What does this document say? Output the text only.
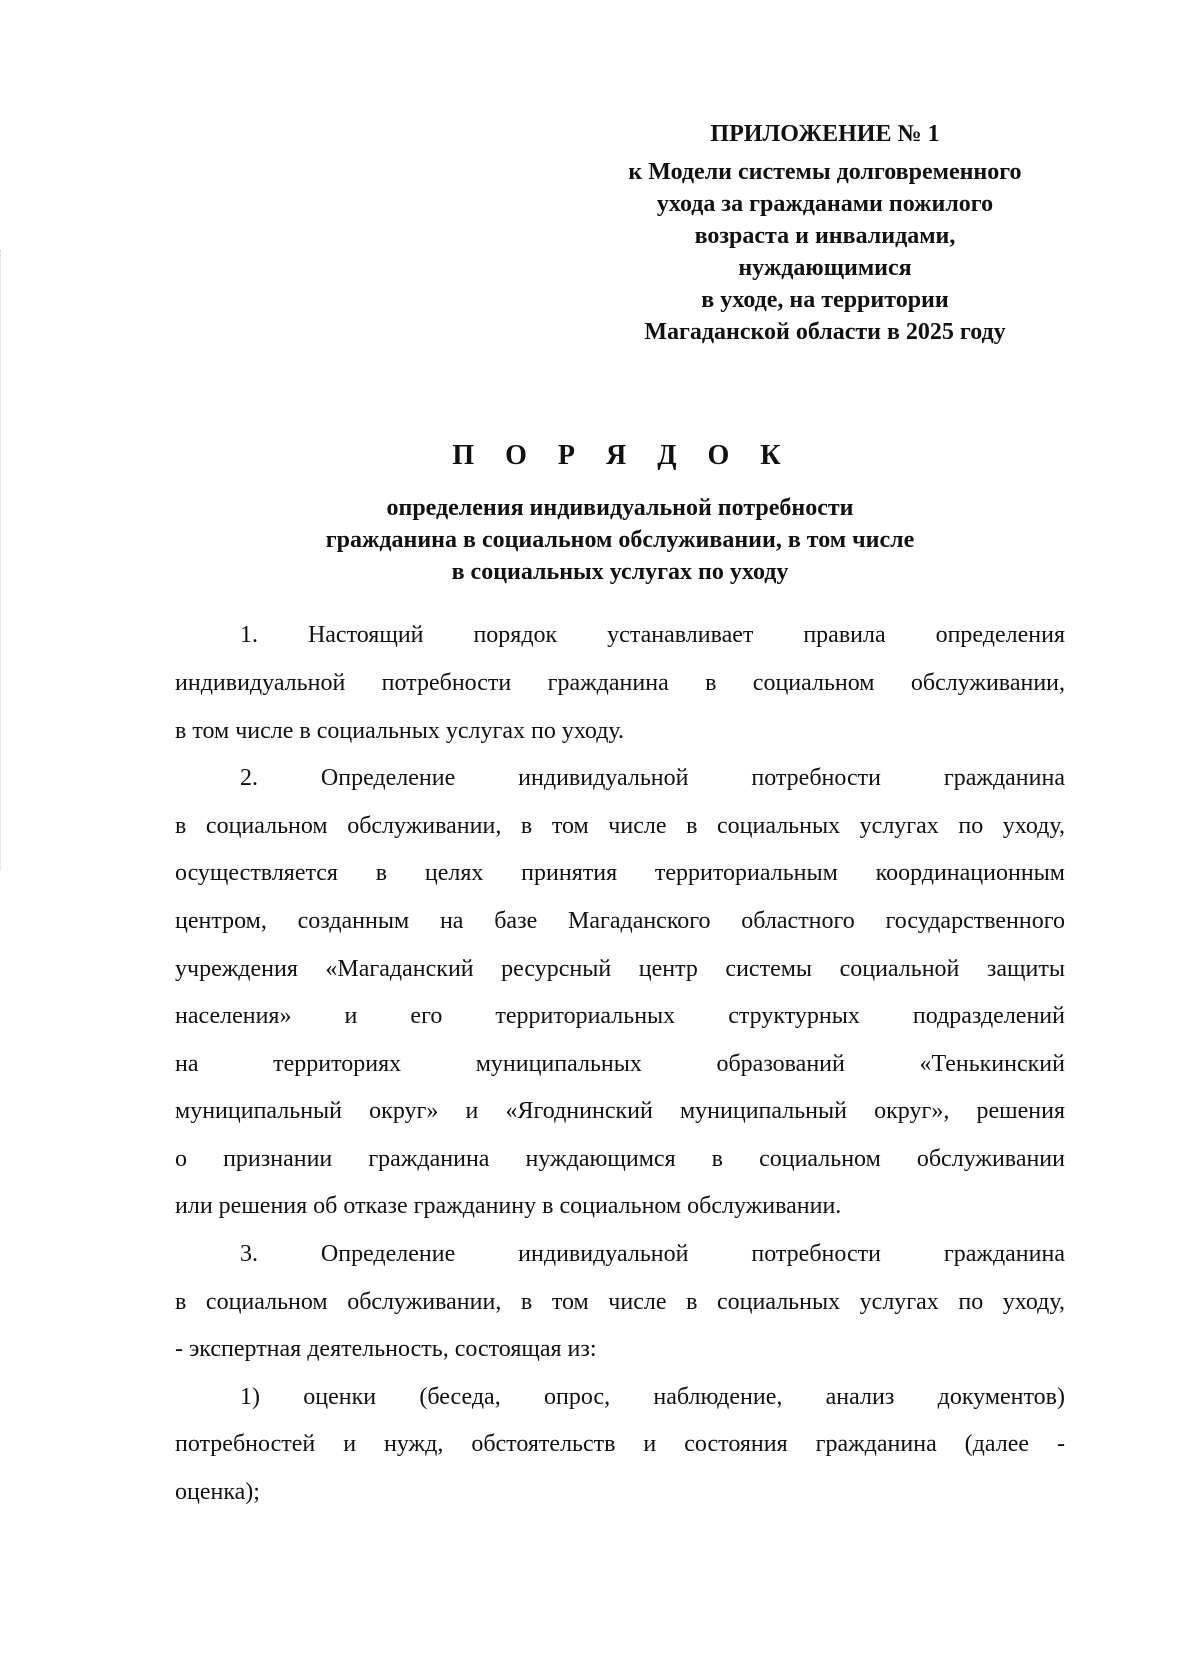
ПРИЛОЖЕНИЕ № 1
к Модели системы долговременного
ухода за гражданами пожилого
возраста и инвалидами,
нуждающимися
в уходе, на территории
Магаданской области в 2025 году
П О Р Я Д О К
определения индивидуальной потребности
гражданина в социальном обслуживании, в том числе
в социальных услугах по уходу
1. Настоящий порядок устанавливает правила определения
индивидуальной потребности гражданина в социальном обслуживании,
в том числе в социальных услугах по уходу.
2. Определение индивидуальной потребности гражданина
в социальном обслуживании, в том числе в социальных услугах по уходу,
осуществляется в целях принятия территориальным координационным
центром, созданным на базе Магаданского областного государственного
учреждения «Магаданский ресурсный центр системы социальной защиты
населения» и его территориальных структурных подразделений
на территориях муниципальных образований «Тенькинский
муниципальный округ» и «Ягоднинский муниципальный округ», решения
о признании гражданина нуждающимся в социальном обслуживании
или решения об отказе гражданину в социальном обслуживании.
3. Определение индивидуальной потребности гражданина
в социальном обслуживании, в том числе в социальных услугах по уходу,
- экспертная деятельность, состоящая из:
1) оценки (беседа, опрос, наблюдение, анализ документов)
потребностей и нужд, обстоятельств и состояния гражданина (далее -
оценка);
